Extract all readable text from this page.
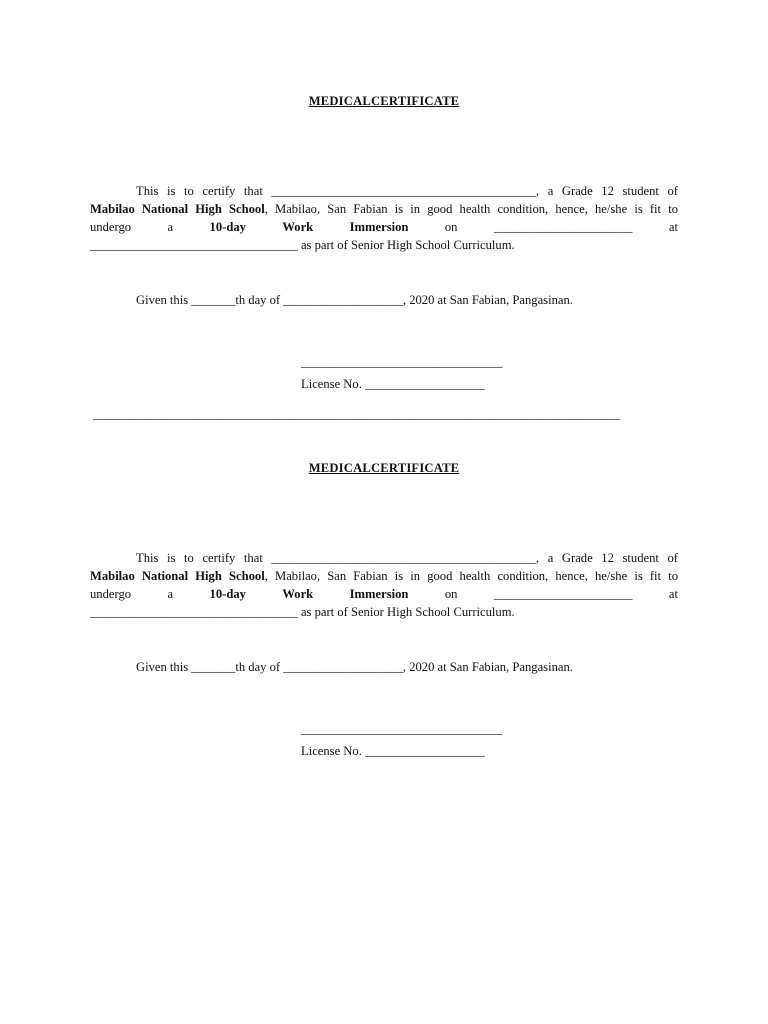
MEDICALCERTIFICATE
This is to certify that __________________________________________, a Grade 12 student of
Mabilao National High School, Mabilao, San Fabian is in good health condition, hence, he/she is fit to
undergo	a	10-day	Work	Immersion	on	______________________	at
_________________________________ as part of Senior High School Curriculum.
Given this _______th day of ___________________, 2020 at San Fabian, Pangasinan.
________________________________
License No. ___________________
_____________________________________________________________________________________
MEDICALCERTIFICATE
This is to certify that __________________________________________, a Grade 12 student of
Mabilao National High School, Mabilao, San Fabian is in good health condition, hence, he/she is fit to
undergo	a	10-day	Work	Immersion	on	______________________	at
_________________________________ as part of Senior High School Curriculum.
Given this _______th day of ___________________, 2020 at San Fabian, Pangasinan.
________________________________
License No. ___________________
